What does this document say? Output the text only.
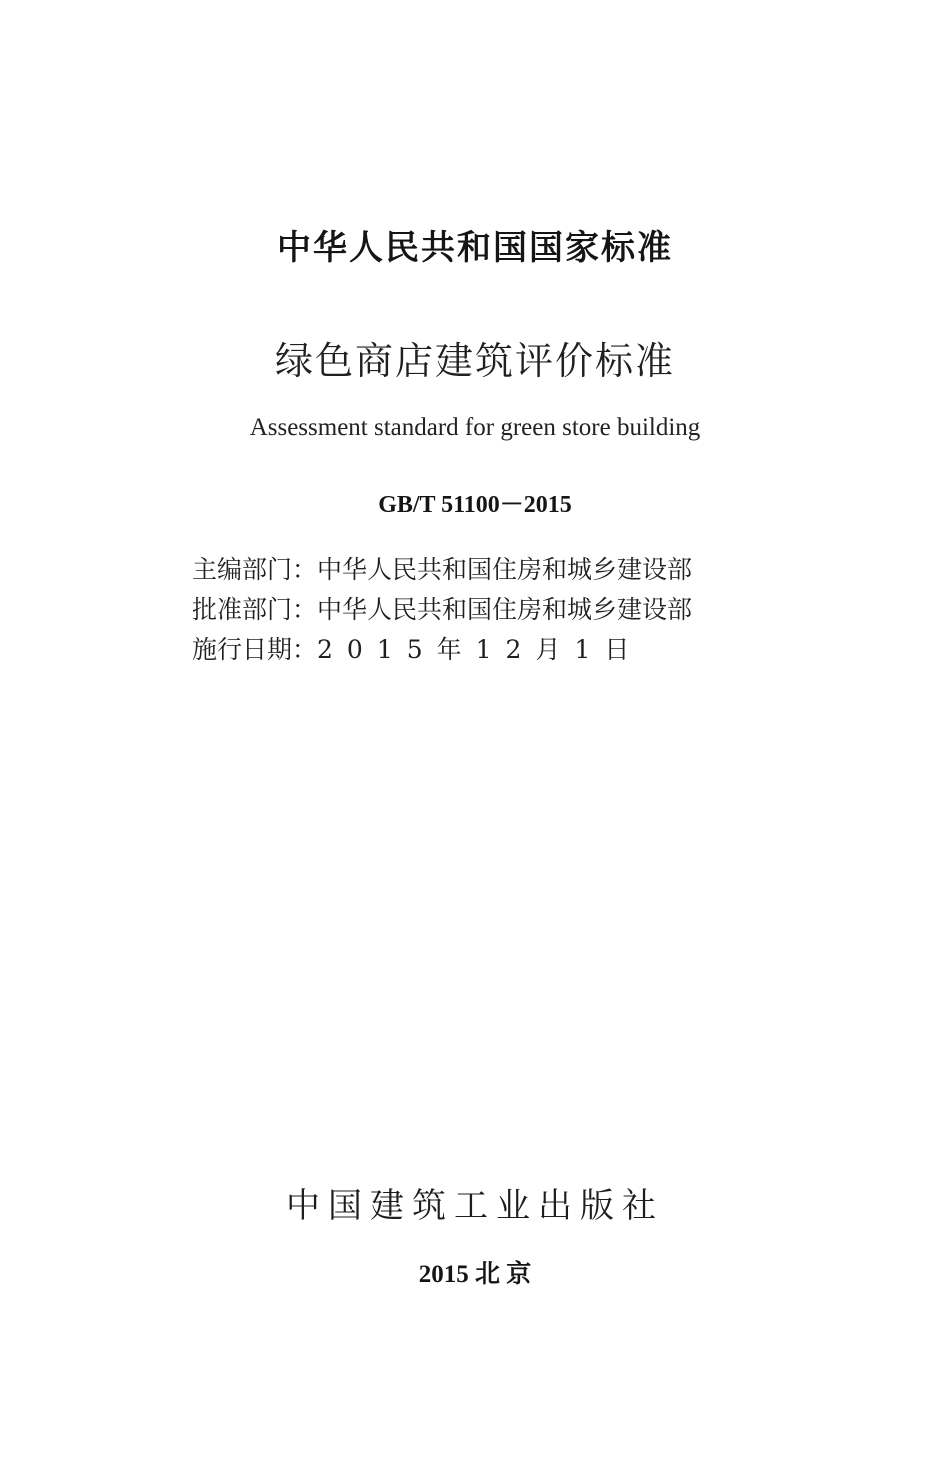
中华人民共和国国家标准
绿色商店建筑评价标准
Assessment standard for green store building
GB/T 51100－2015
主编部门： 中华人民共和国住房和城乡建设部
批准部门： 中华人民共和国住房和城乡建设部
施行日期： 2015年12月1日
中国建筑工业出版社
2015 北 京
